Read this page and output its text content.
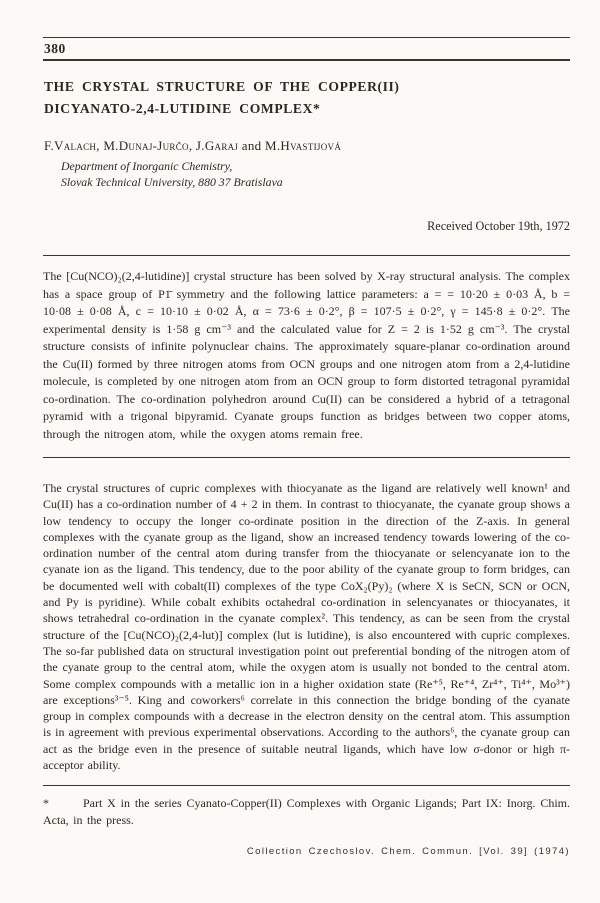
380
THE CRYSTAL STRUCTURE OF THE COPPER(II)
DICYANATO-2,4-LUTIDINE COMPLEX*
F.Valach, M.Dunaj-Jurčo, J.Garaj and M.Hvastijová
Department of Inorganic Chemistry,
Slovak Technical University, 880 37 Bratislava
Received October 19th, 1972

The [Cu(NCO)₂(2,4-lutidine)] crystal structure has been solved by X-ray structural analysis. The complex has a space group of P1̄ symmetry and the following lattice parameters: a = = 10·20 ± 0·03 Å, b = 10·08 ± 0·08 Å, c = 10·10 ± 0·02 Å, α = 73·6 ± 0·2°, β = 107·5 ± 0·2°, γ = 145·8 ± 0·2°. The experimental density is 1·58 g cm⁻³ and the calculated value for Z = 2 is 1·52 g cm⁻³. The crystal structure consists of infinite polynuclear chains. The approximately square-planar co-ordination around the Cu(II) formed by three nitrogen atoms from OCN groups and one nitrogen atom from a 2,4-lutidine molecule, is completed by one nitrogen atom from an OCN group to form distorted tetragonal pyramidal co-ordination. The co-ordination polyhedron around Cu(II) can be considered a hybrid of a tetragonal pyramid with a trigonal bipyramid. Cyanate groups function as bridges between two copper atoms, through the nitrogen atom, while the oxygen atoms remain free.

The crystal structures of cupric complexes with thiocyanate as the ligand are relatively well known¹ and Cu(II) has a co-ordination number of 4 + 2 in them. In contrast to thiocyanate, the cyanate group shows a low tendency to occupy the longer co-ordinate position in the direction of the Z-axis. In general complexes with the cyanate group as the ligand, show an increased tendency towards lowering of the co-ordination number of the central atom during transfer from the thiocyanate or selencyanate ion to the cyanate ion as the ligand. This tendency, due to the poor ability of the cyanate group to form bridges, can be documented well with cobalt(II) complexes of the type CoX₂(Py)₂ (where X is SeCN, SCN or OCN, and Py is pyridine). While cobalt exhibits octahedral co-ordination in selencyanates or thiocyanates, it shows tetrahedral co-ordination in the cyanate complex². This tendency, as can be seen from the crystal structure of the [Cu(NCO)₂(2,4-lut)] complex (lut is lutidine), is also encountered with cupric complexes. The so-far published data on structural investigation point out preferential bonding of the nitrogen atom of the cyanate group to the central atom, while the oxygen atom is usually not bonded to the central atom. Some complex compounds with a metallic ion in a higher oxidation state (Re⁺⁵, Re⁺⁴, Zr⁴⁺, Ti⁴⁺, Mo³⁺) are exceptions³⁻⁵. King and coworkers⁶ correlate in this connection the bridge bonding of the cyanate group in complex compounds with a decrease in the electron density on the central atom. This assumption is in agreement with previous experimental observations. According to the authors⁶, the cyanate group can act as the bridge even in the presence of suitable neutral ligands, which have low σ-donor or high π-acceptor ability.

*	Part X in the series Cyanato-Copper(II) Complexes with Organic Ligands; Part IX: Inorg. Chim. Acta, in the press.

Collection Czechoslov. Chem. Commun. [Vol. 39] (1974)
